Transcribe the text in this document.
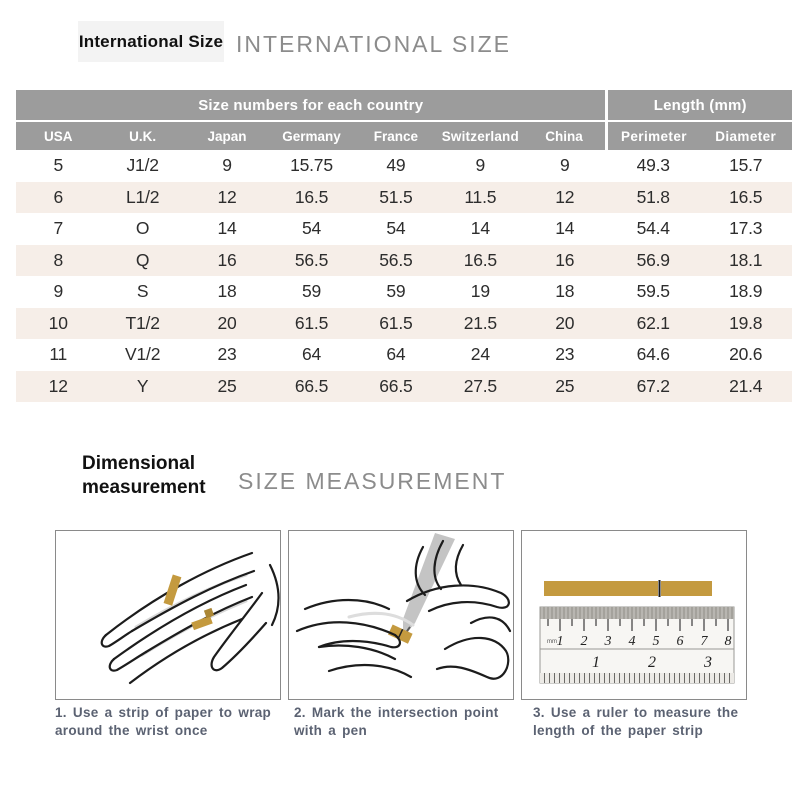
International Size INTERNATIONAL SIZE
Size numbers for each country							Length (mm)	
USA	U.K.	Japan	Germany	France	Switzerland	China	Perimeter	Diameter
5	J1/2	9	15.75	49	9	9	49.3	15.7
6	L1/2	12	16.5	51.5	11.5	12	51.8	16.5
7	O	14	54	54	14	14	54.4	17.3
8	Q	16	56.5	56.5	16.5	16	56.9	18.1
9	S	18	59	59	19	18	59.5	18.9
10	T1/2	20	61.5	61.5	21.5	20	62.1	19.8
11	V1/2	23	64	64	24	23	64.6	20.6
12	Y	25	66.5	66.5	27.5	25	67.2	21.4
Dimensional measurement	SIZE MEASUREMENT
1 2 3 4 5 6 7 8
mm
1	2	3
1. Use a strip of paper to wrap around the wrist once
2. Mark the intersection point with a pen
3. Use a ruler to measure the length of the paper strip
